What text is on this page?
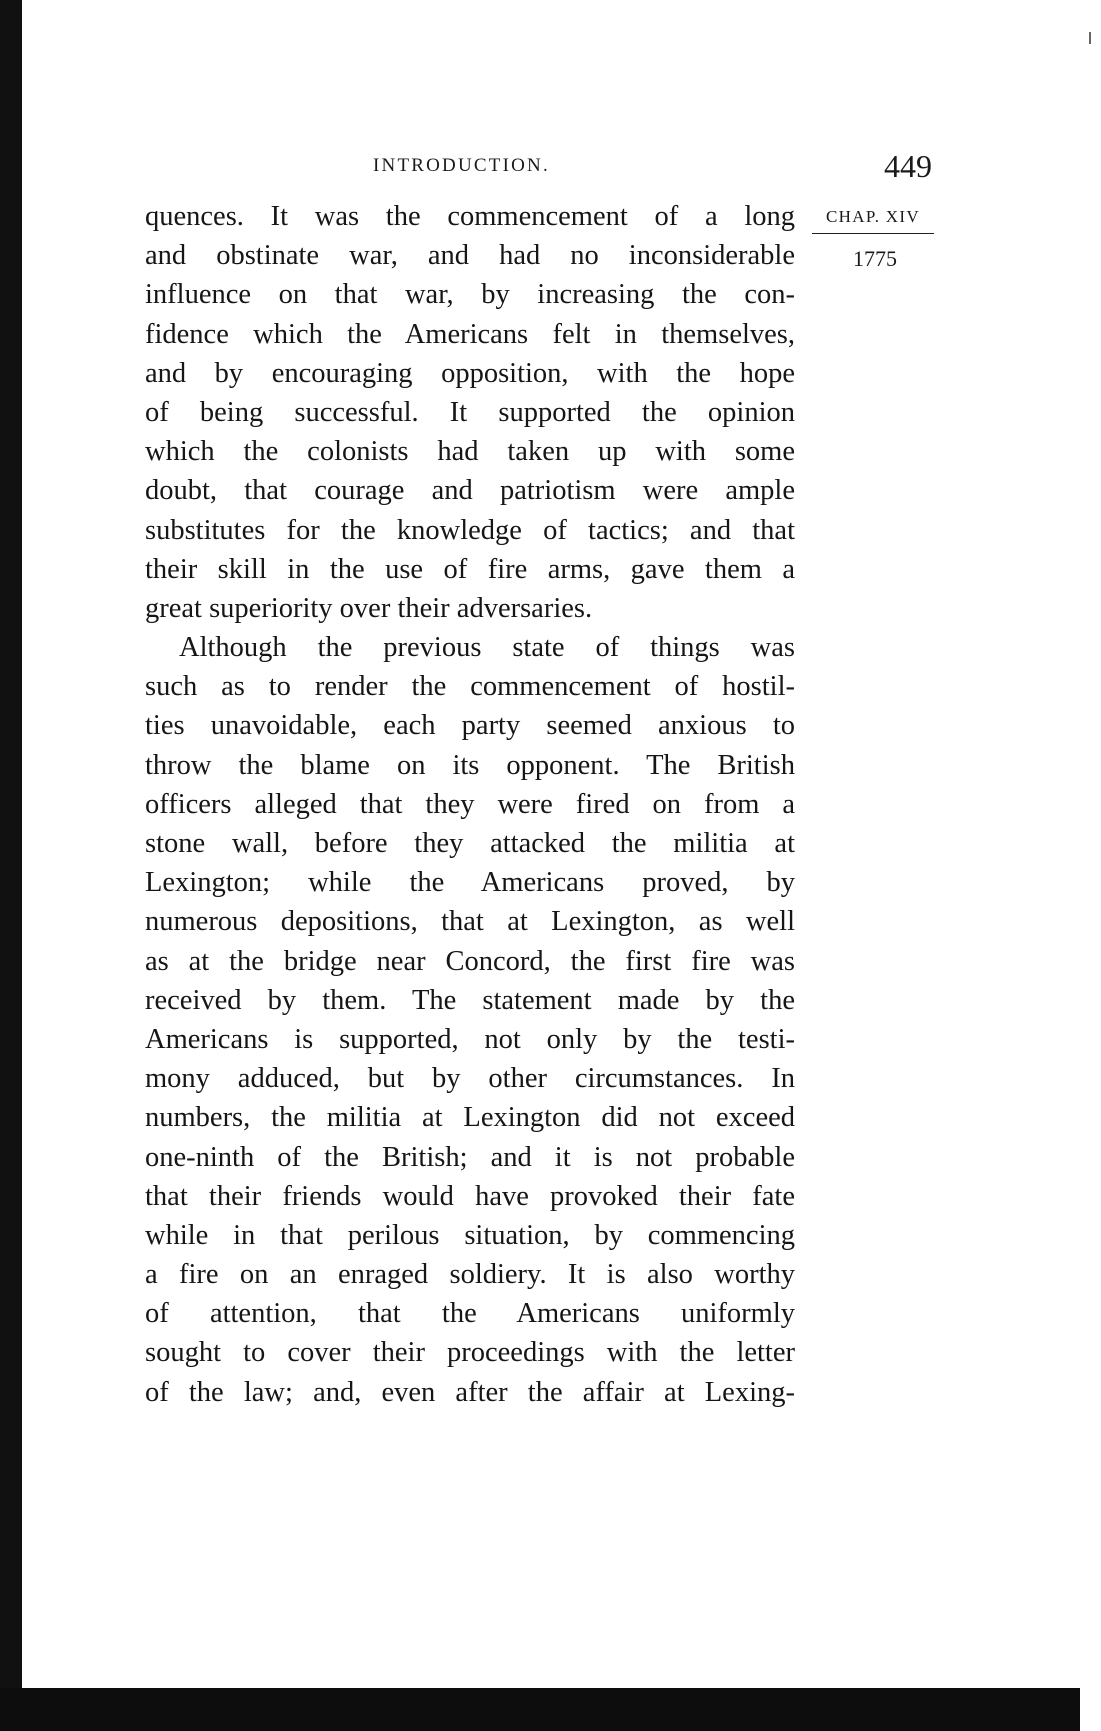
INTRODUCTION.	449
CHAP. XIV
1775
quences. It was the commencement of a long
and obstinate war, and had no inconsiderable
influence on that war, by increasing the con-
fidence which the Americans felt in themselves,
and by encouraging opposition, with the hope
of being successful. It supported the opinion
which the colonists had taken up with some
doubt, that courage and patriotism were ample
substitutes for the knowledge of tactics; and that
their skill in the use of fire arms, gave them a
great superiority over their adversaries.
Although the previous state of things was
such as to render the commencement of hostil-
ties unavoidable, each party seemed anxious to
throw the blame on its opponent. The British
officers alleged that they were fired on from a
stone wall, before they attacked the militia at
Lexington; while the Americans proved, by
numerous depositions, that at Lexington, as well
as at the bridge near Concord, the first fire was
received by them. The statement made by the
Americans is supported, not only by the testi-
mony adduced, but by other circumstances. In
numbers, the militia at Lexington did not exceed
one-ninth of the British; and it is not probable
that their friends would have provoked their fate
while in that perilous situation, by commencing
a fire on an enraged soldiery. It is also worthy
of attention, that the Americans uniformly
sought to cover their proceedings with the letter
of the law; and, even after the affair at Lexing-
